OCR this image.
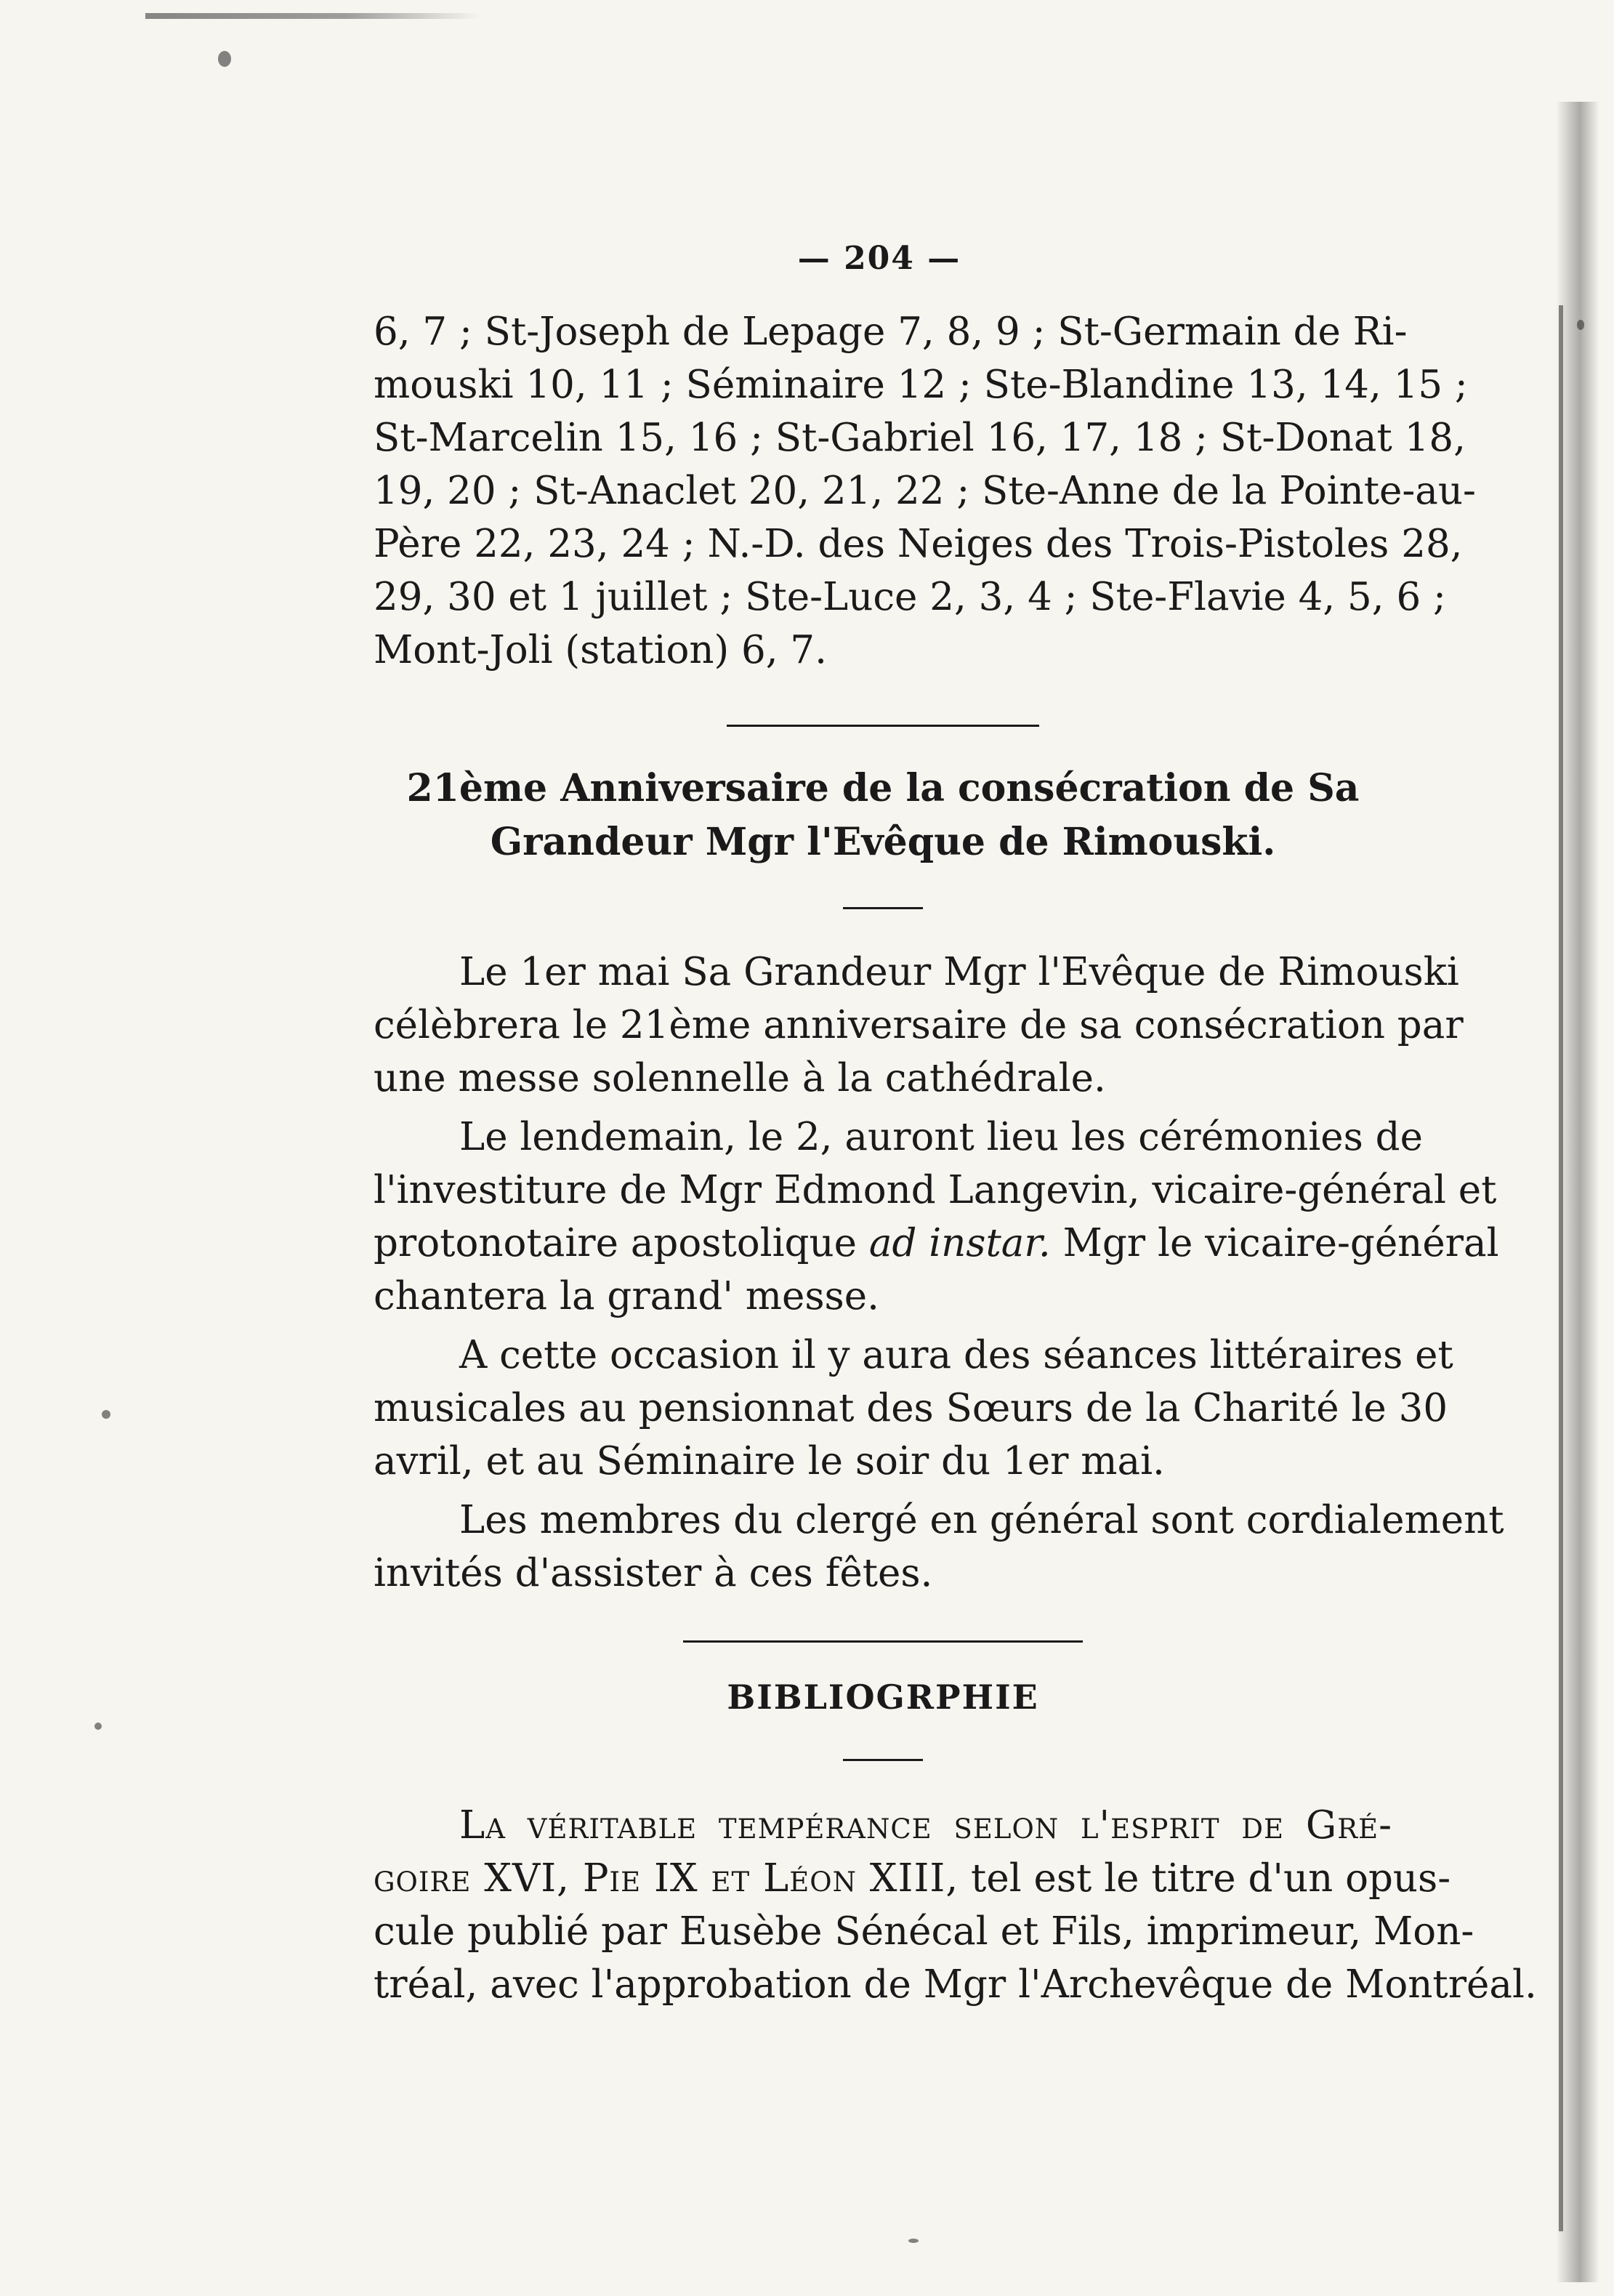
— 204 —
6, 7 ; St-Joseph de Lepage 7, 8, 9 ; St-Germain de Ri-
mouski 10, 11 ; Séminaire 12 ; Ste-Blandine 13, 14, 15 ;
St-Marcelin 15, 16 ; St-Gabriel 16, 17, 18 ; St-Donat 18,
19, 20 ; St-Anaclet 20, 21, 22 ; Ste-Anne de la Pointe-au-
Père 22, 23, 24 ; N.-D. des Neiges des Trois-Pistoles 28,
29, 30 et 1 juillet ; Ste-Luce 2, 3, 4 ; Ste-Flavie 4, 5, 6 ;
Mont-Joli (station) 6, 7.
21ème Anniversaire de la consécration de Sa
Grandeur Mgr l'Evêque de Rimouski.
Le 1er mai Sa Grandeur Mgr l'Evêque de Rimouski
célèbrera le 21ème anniversaire de sa consécration par
une messe solennelle à la cathédrale.
Le lendemain, le 2, auront lieu les cérémonies de
l'investiture de Mgr Edmond Langevin, vicaire-général et
protonotaire apostolique ad instar. Mgr le vicaire-général
chantera la grand' messe.
A cette occasion il y aura des séances littéraires et
musicales au pensionnat des Sœurs de la Charité le 30
avril, et au Séminaire le soir du 1er mai.
Les membres du clergé en général sont cordialement
invités d'assister à ces fêtes.
BIBLIOGRPHIE
La véritable tempérance selon l'esprit de Gré-
goire XVI, Pie IX et Léon XIII, tel est le titre d'un opus-
cule publié par Eusèbe Sénécal et Fils, imprimeur, Mon-
tréal, avec l'approbation de Mgr l'Archevêque de Montréal.
